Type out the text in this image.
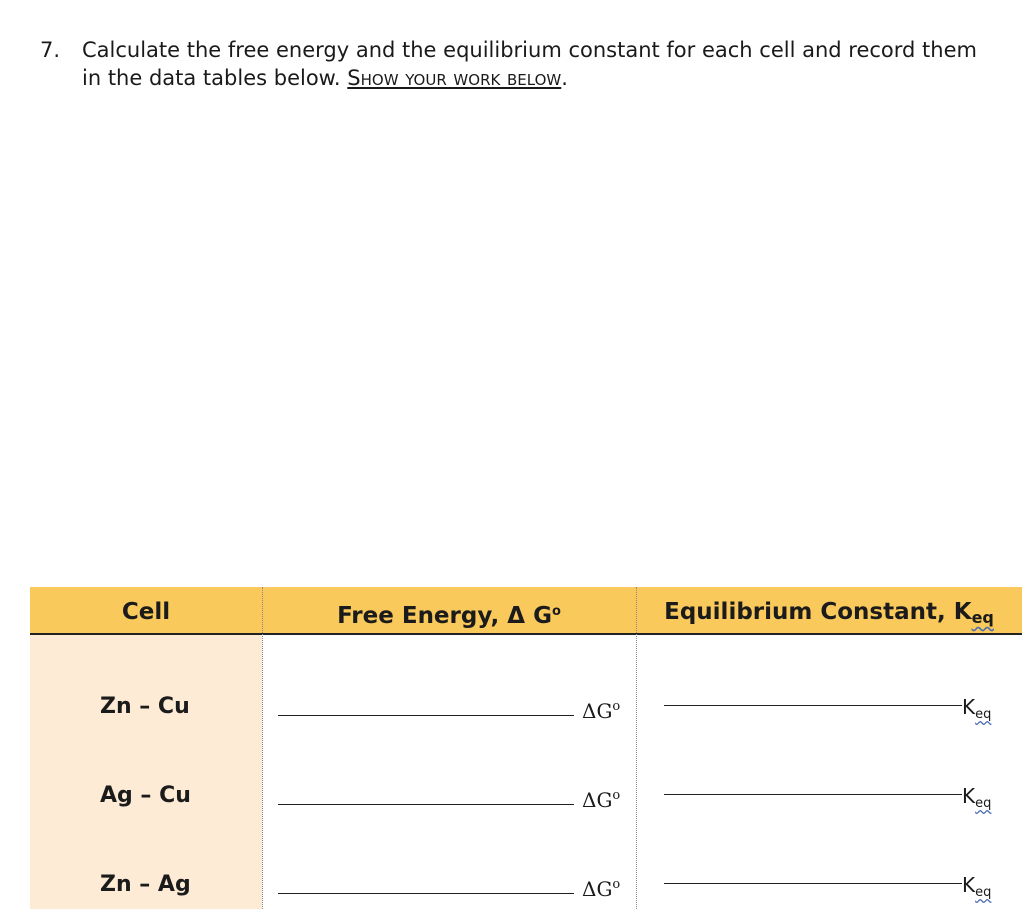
7. Calculate the free energy and the equilibrium constant for each cell and record them
in the data tables below. Show your work below.
Cell	Free Energy, Δ $G^o$	Equilibrium Constant, Keq
Zn – Cu	$\Delta G^o$	$K_{eq}$
Ag – Cu	$\Delta G^o$	$K_{eq}$
Zn – Ag	$\Delta G^o$	$K_{eq}$
